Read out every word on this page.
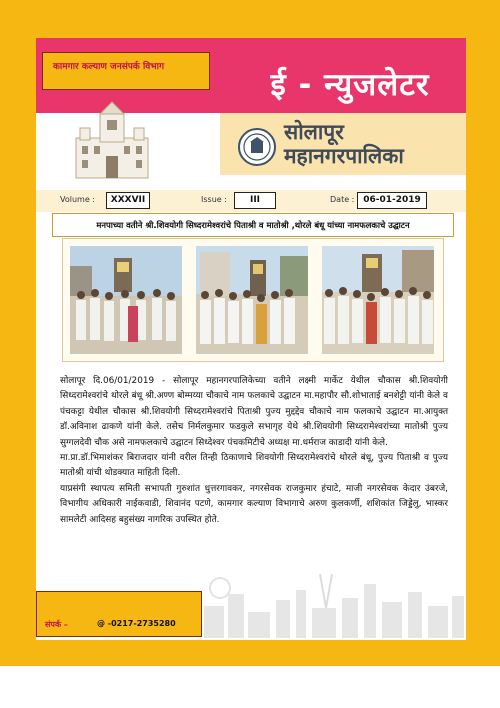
कामगार कल्याण जनसंपर्क विभाग	ई - न्युजलेटर
सोलापूर
महानगरपालिका
Volume :	XXXVII	Issue :	III	Date : 06-01-2019
मनपाच्या वतीने श्री.शिवयोगी सिध्दरामेश्वरांचे पिताश्री व मातोश्री ,थोरले बंधू यांच्या नामफलकाचे उद्घाटन

सोलापूर दि.06/01/2019 - सोलापूर महानगरपालिकेच्या वतीने लक्ष्मी मार्केट येथील चौकास श्री.शिवयोगी सिध्दरामेश्वरांचे थोरले बंधू श्री.अण्ण बोम्मय्या चौकाचे नाम फलकाचे उद्घाटन मा.महापौर सौ.शोभाताई बनशेट्टी यांनी केले व पंचकट्टा येथील चौकास श्री.शिवयोगी सिध्दरामेश्वरांचे पिताश्री पुज्य मुद्दद्देव चौकाचे नाम फलकाचे उद्घाटन मा.आयुक्त डॉ.अविनाश ढाकणे यांनी केले. तसेच निर्मलकुमार फडकुले सभागृह येथे श्री.शिवयोगी सिध्दरामेश्वरांच्या मातोश्री पुज्य सुग्गलदेवी चौक असे नामफलकाचे उद्घाटन सिध्देश्वर पंचकमिटीचे अध्यक्ष मा.धर्मराज काडादी यांनी केले.

मा.प्रा.डॉ.भिमाशंकर बिराजदार यांनी वरील तिन्ही ठिकाणाचे शिवयोगी सिध्दरामेश्वरांचे थोरले बंधू, पुज्य पिताश्री व पुज्य मातोश्री यांची थोडक्यात माहिती दिली.

याप्रसंगी स्थापत्य समिती सभापती गुरुशांत धुत्तरगावकर, नगरसेवक राजकुमार हंचाटे, माजी नगरसेवक केदार उंबरजे, विभागीय अधिकारी नाईकवाडी, शिवानंद पटणे, कामगार कल्याण विभागाचे अरुण कुलकर्णी, शशिकांत जिड्डेलु, भास्कर सामलेटी आदिसह बहुसंख्य नागरिक उपस्थित होते.

संपर्क –	@ -0217-2735280
